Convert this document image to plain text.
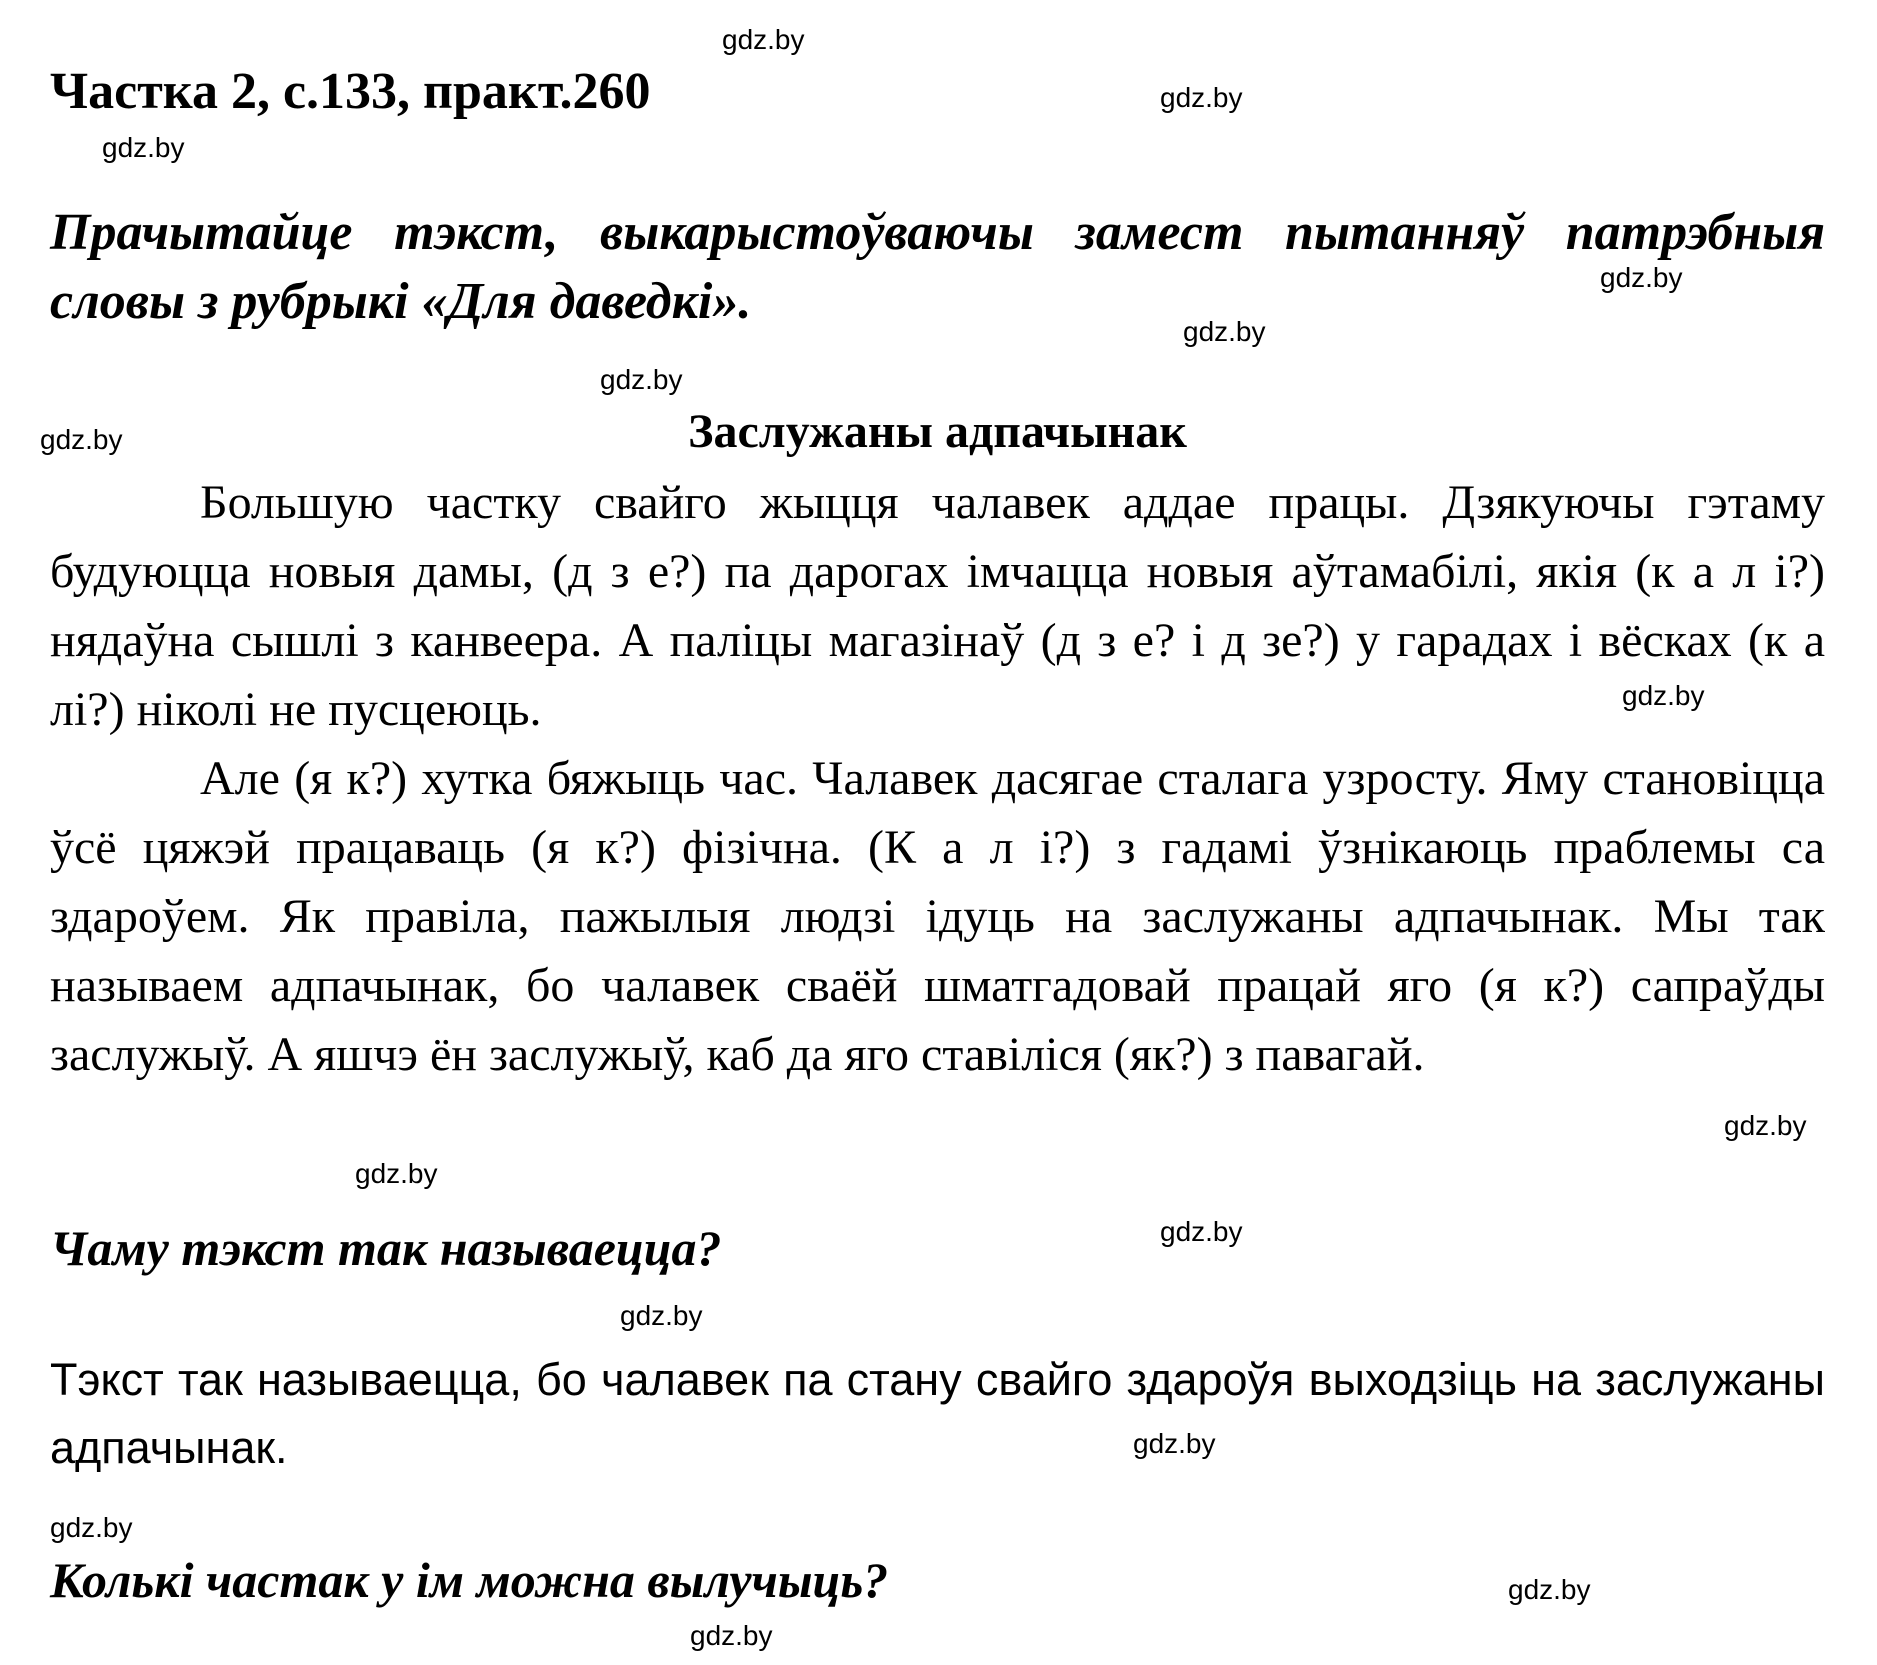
Частка 2, с.133, практ.260
Прачытайце тэкст, выкарыстоўваючы замест пытанняў патрэбныя словы з рубрыкі «Для даведкі».
Заслужаны адпачынак

Большую частку свайго жыцця чалавек аддае працы. Дзякуючы гэтаму будуюцца новыя дамы, (д з е?) па дарогах імчацца новыя аўтамабілі, якія (к а л і?) нядаўна сышлі з канвеера. А паліцы магазінаў (д з е? і д зе?) у гарадах і вёсках (к а лі?) ніколі не пусцеюць.

Але (я к?) хутка бяжыць час. Чалавек дасягае сталага узросту. Яму становіцца ўсё цяжэй працаваць (я к?) фізічна. (К а л і?) з гадамі ўзнікаюць праблемы са здароўем. Як правіла, пажылыя людзі ідуць на заслужаны адпачынак. Мы так называем адпачынак, бо чалавек сваёй шматгадовай працай яго (я к?) сапраўды заслужыў. А яшчэ ён заслужыў, каб да яго ставіліся (як?) з павагай.

Чаму тэкст так называецца?
Тэкст так называецца, бо чалавек па стану свайго здароўя выходзіць на заслужаны адпачынак.
Колькі частак у ім можна вылучыць?
gdz.by
gdz.by
gdz.by
gdz.by
gdz.by
gdz.by
gdz.by
gdz.by
gdz.by
gdz.by
gdz.by
gdz.by
gdz.by
gdz.by
gdz.by
gdz.by
